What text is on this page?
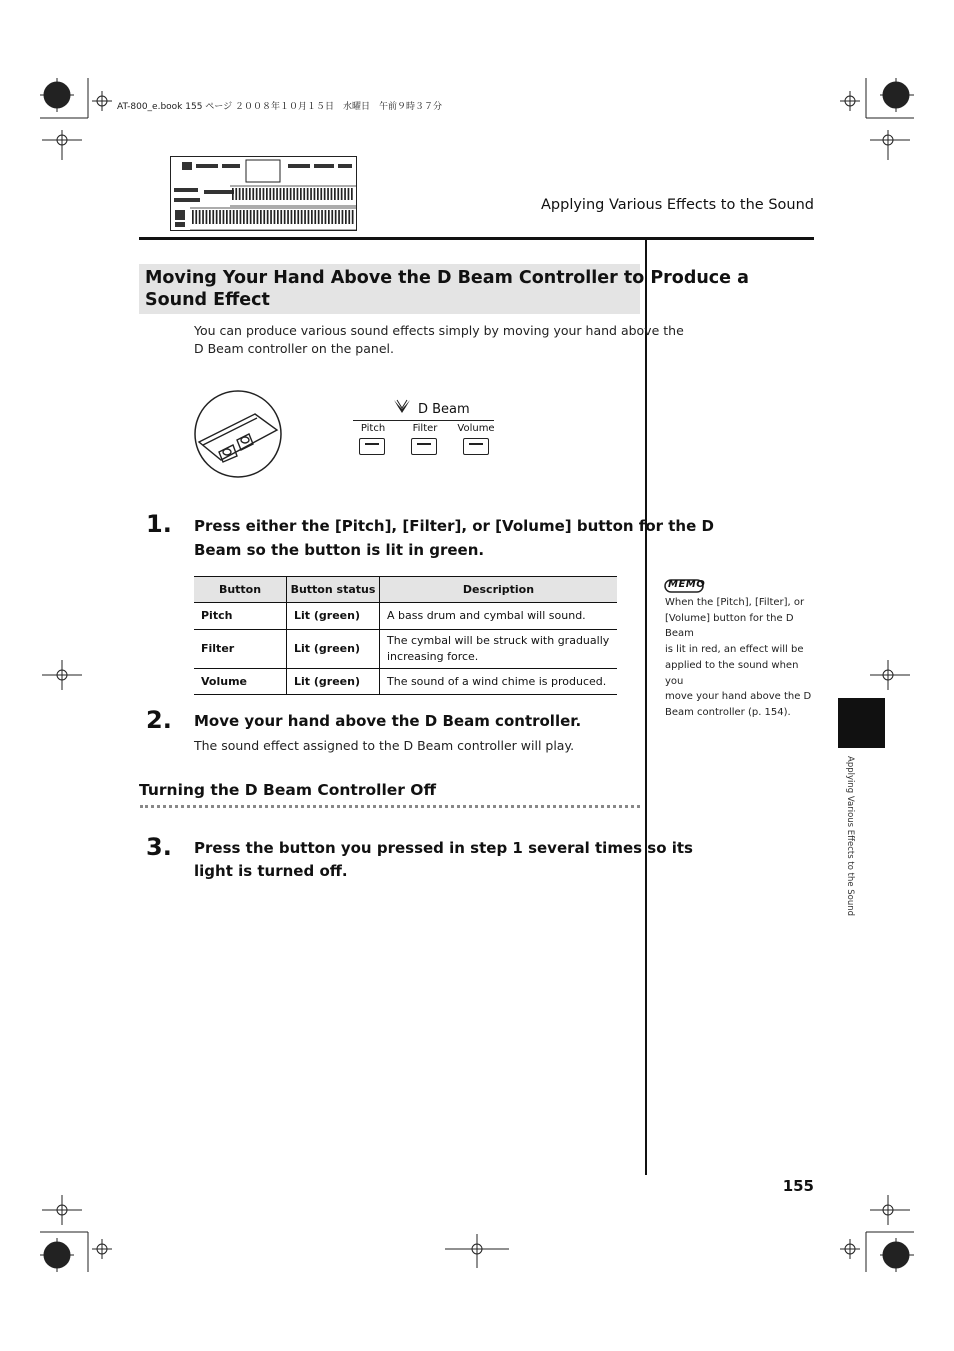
AT-800_e.book 155 ページ ２００８年１０月１５日　水曜日　午前９時３７分
Applying Various Effects to the Sound
Moving Your Hand Above the D Beam Controller to Produce a
Sound Effect
You can produce various sound effects simply by moving your hand above the
D Beam controller on the panel.
D Beam
Pitch	Filter	Volume
1. Press either the [Pitch], [Filter], or [Volume] button for the D
Beam so the button is lit in green.
Button	Button status	Description
Pitch	Lit (green)	A bass drum and cymbal will sound.
Filter	Lit (green)	The cymbal will be struck with gradually
increasing force.

Volume	Lit (green)	The sound of a wind chime is produced.
2. Move your hand above the D Beam controller.
The sound effect assigned to the D Beam controller will play.
Turning the D Beam Controller Off
3. Press the button you pressed in step 1 several times so its
light is turned off.
MEMO
When the [Pitch], [Filter], or
[Volume] button for the D Beam
is lit in red, an effect will be
applied to the sound when you
move your hand above the D
Beam controller (p. 154).
Applying Various Effects to the Sound
155
